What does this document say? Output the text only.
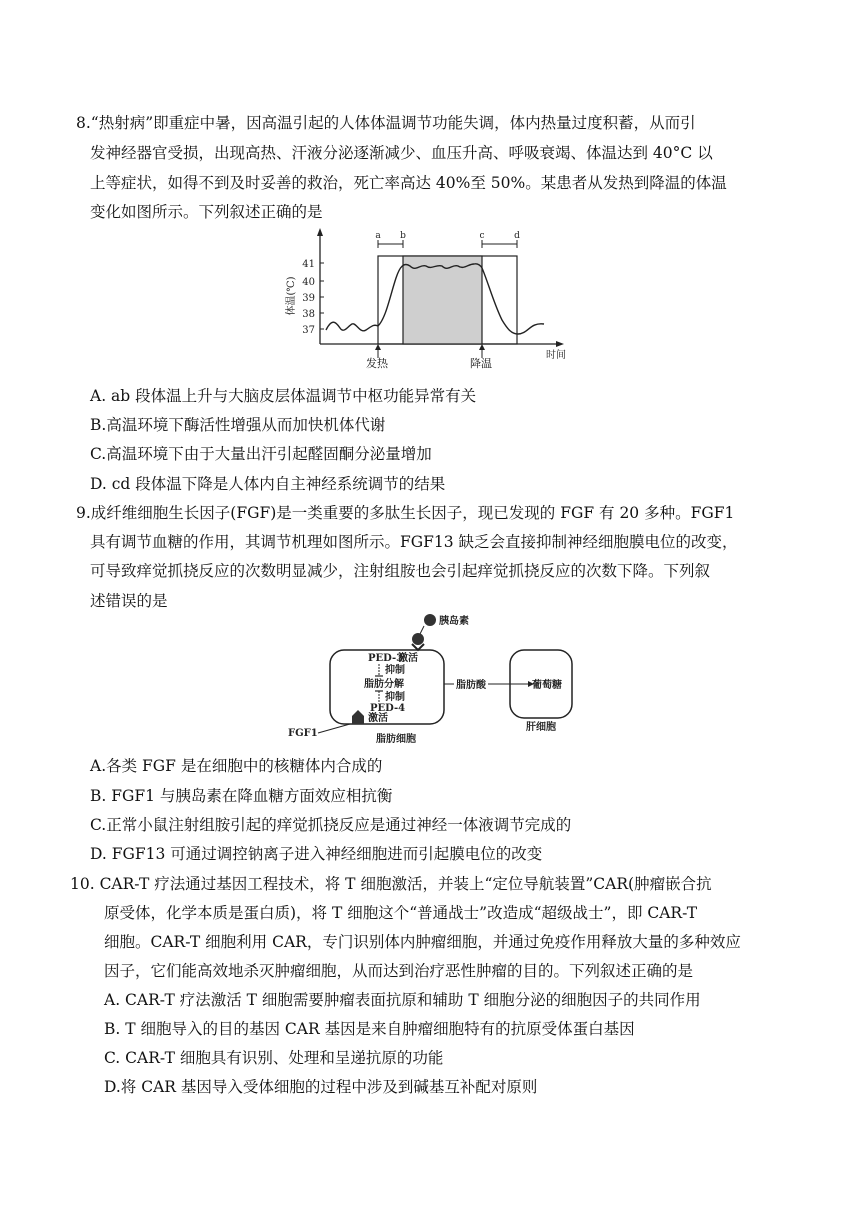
8.“热射病”即重症中暑，因高温引起的人体体温调节功能失调，体内热量过度积蓄，从而引
发神经器官受损，出现高热、汗液分泌逐渐减少、血压升高、呼吸衰竭、体温达到 40°C 以
上等症状，如得不到及时妥善的救治，死亡率高达 40%至 50%。某患者从发热到降温的体温
变化如图所示。下列叙述正确的是
41
40
39
38
37
体温(℃)
a b	c	d
时间
发热	降温
A. ab 段体温上升与大脑皮层体温调节中枢功能异常有关
B.高温环境下酶活性增强从而加快机体代谢
C.高温环境下由于大量出汗引起醛固酮分泌量增加
D. cd 段体温下降是人体内自主神经系统调节的结果
9.成纤维细胞生长因子(FGF)是一类重要的多肽生长因子，现已发现的 FGF 有 20 多种。FGF1
具有调节血糖的作用，其调节机理如图所示。FGF13 缺乏会直接抑制神经细胞膜电位的改变，
可导致痒觉抓挠反应的次数明显减少，注射组胺也会引起痒觉抓挠反应的次数下降。下列叙
述错误的是
胰岛素
PED-3
激活
抑制
脂肪分解
抑制
PED-4
激活
FGF1
脂肪细胞
脂肪酸	葡萄糖
肝细胞
A.各类 FGF 是在细胞中的核糖体内合成的
B. FGF1 与胰岛素在降血糖方面效应相抗衡
C.正常小鼠注射组胺引起的痒觉抓挠反应是通过神经一体液调节完成的
D. FGF13 可通过调控钠离子进入神经细胞进而引起膜电位的改变
10. CAR-T 疗法通过基因工程技术，将 T 细胞激活，并装上“定位导航装置”CAR(肿瘤嵌合抗
原受体，化学本质是蛋白质)，将 T 细胞这个“普通战士”改造成“超级战士”，即 CAR-T
细胞。CAR-T 细胞利用 CAR，专门识别体内肿瘤细胞，并通过免疫作用释放大量的多种效应
因子，它们能高效地杀灭肿瘤细胞，从而达到治疗恶性肿瘤的目的。下列叙述正确的是
A. CAR-T 疗法激活 T 细胞需要肿瘤表面抗原和辅助 T 细胞分泌的细胞因子的共同作用
B. T 细胞导入的目的基因 CAR 基因是来自肿瘤细胞特有的抗原受体蛋白基因
C. CAR-T 细胞具有识别、处理和呈递抗原的功能
D.将 CAR 基因导入受体细胞的过程中涉及到碱基互补配对原则
